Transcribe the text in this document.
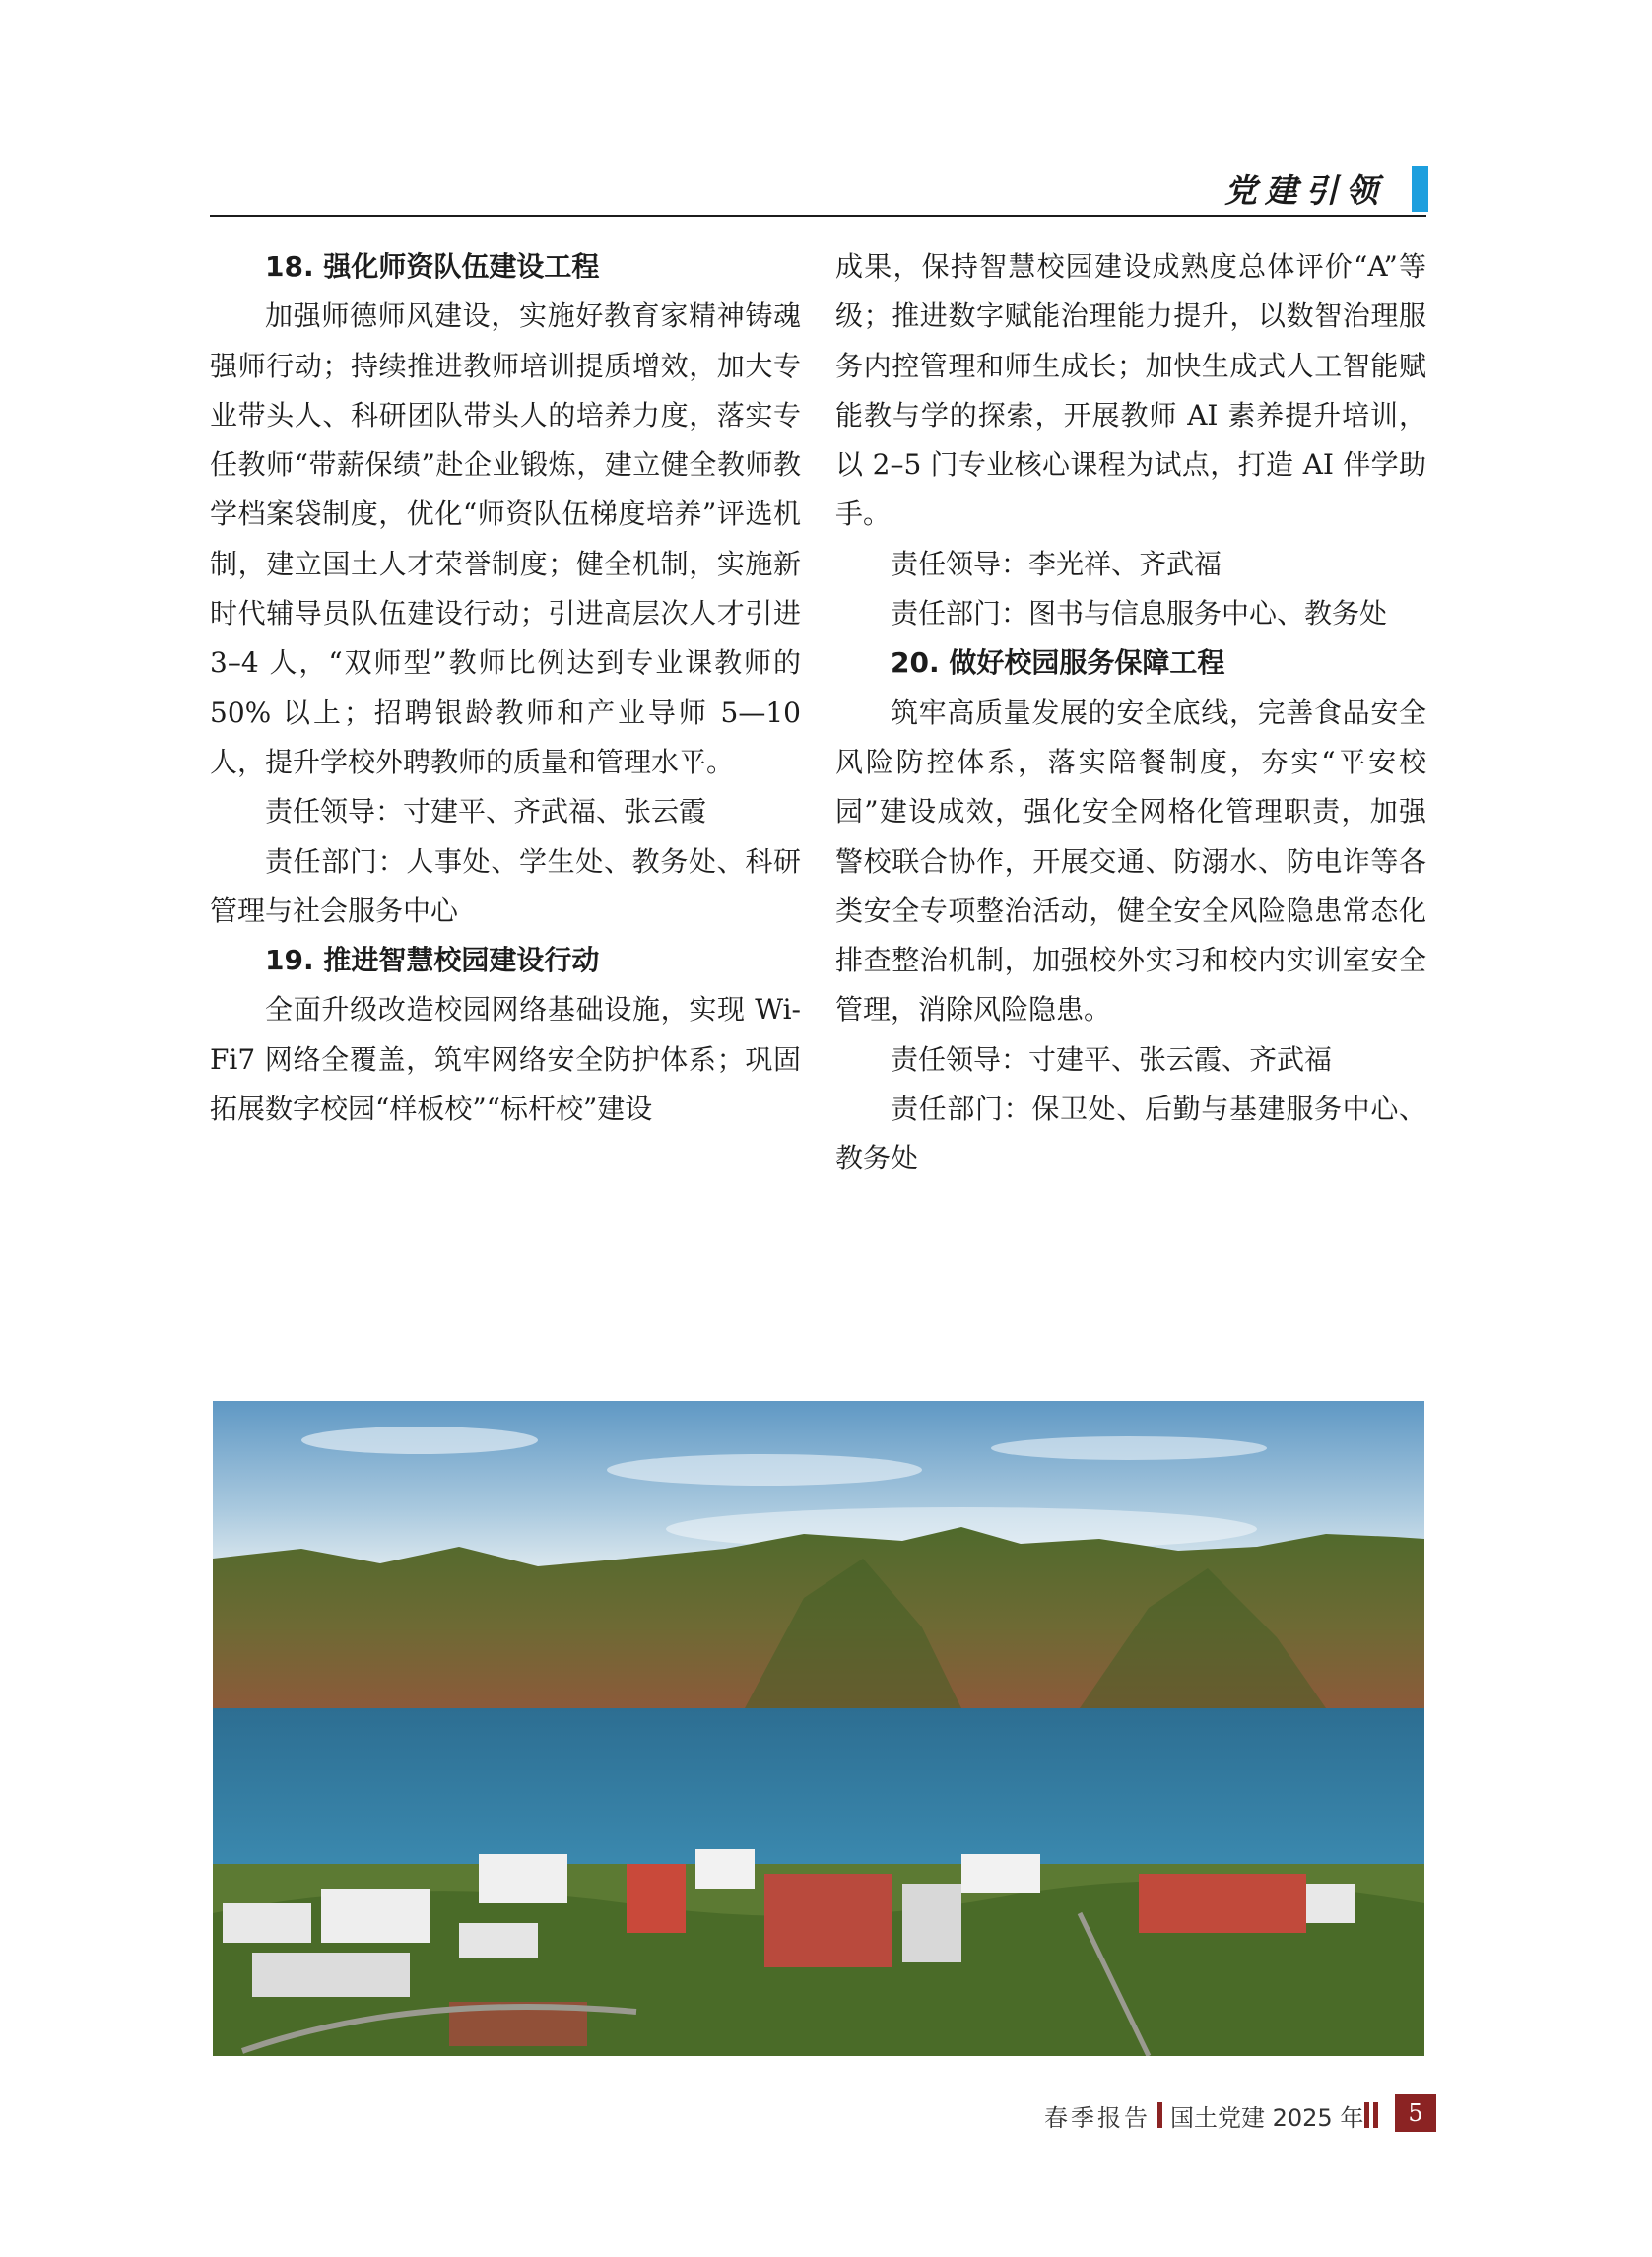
党建引领

18. 强化师资队伍建设工程

加强师德师风建设，实施好教育家精神铸魂强师行动；持续推进教师培训提质增效，加大专业带头人、科研团队带头人的培养力度，落实专任教师“带薪保绩”赴企业锻炼，建立健全教师教学档案袋制度，优化“师资队伍梯度培养”评选机制，建立国土人才荣誉制度；健全机制，实施新时代辅导员队伍建设行动；引进高层次人才引进 3–4 人，“双师型”教师比例达到专业课教师的 50% 以上；招聘银龄教师和产业导师 5—10 人，提升学校外聘教师的质量和管理水平。

责任领导：寸建平、齐武福、张云霞

责任部门：人事处、学生处、教务处、科研管理与社会服务中心

19. 推进智慧校园建设行动

全面升级改造校园网络基础设施，实现 Wi-Fi7 网络全覆盖，筑牢网络安全防护体系；巩固拓展数字校园“样板校”“标杆校”建设

成果，保持智慧校园建设成熟度总体评价“A”等级；推进数字赋能治理能力提升，以数智治理服务内控管理和师生成长；加快生成式人工智能赋能教与学的探索，开展教师 AI 素养提升培训，以 2–5 门专业核心课程为试点，打造 AI 伴学助手。

责任领导：李光祥、齐武福

责任部门：图书与信息服务中心、教务处

20. 做好校园服务保障工程

筑牢高质量发展的安全底线，完善食品安全风险防控体系，落实陪餐制度，夯实“平安校园”建设成效，强化安全网格化管理职责，加强警校联合协作，开展交通、防溺水、防电诈等各类安全专项整治活动，健全安全风险隐患常态化排查整治机制，加强校外实习和校内实训室安全管理，消除风险隐患。

责任领导：寸建平、张云霞、齐武福

责任部门：保卫处、后勤与基建服务中心、教务处

春季报告 国土党建 2025 年	5
